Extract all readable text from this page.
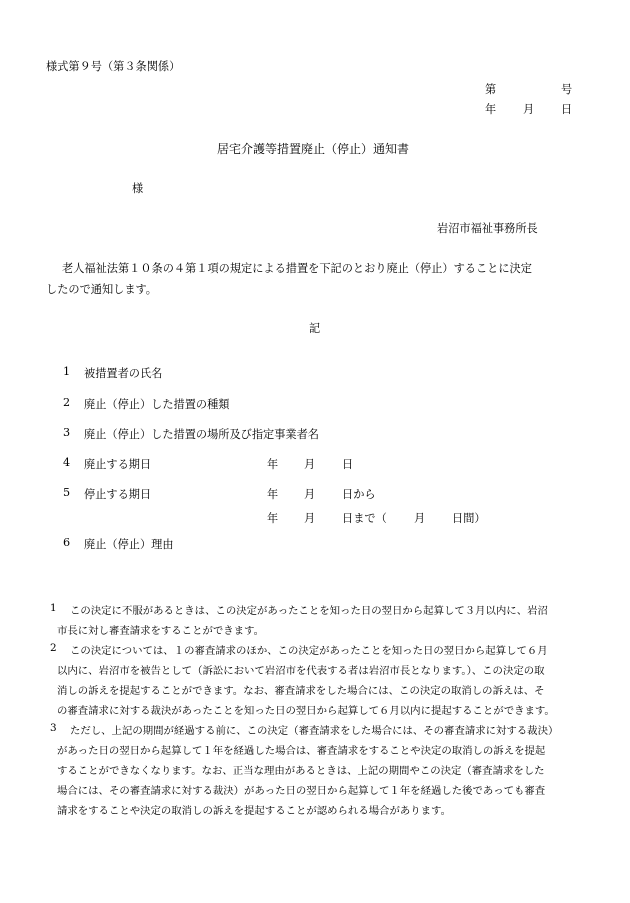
様式第９号（第３条関係）
第	号
年 月 日
居宅介護等措置廃止（停止）通知書
様
岩沼市福祉事務所長
老人福祉法第１０条の４第１項の規定による措置を下記のとおり廃止（停止）することに決定
したので通知します。
記
1 被措置者の氏名
2 廃止（停止）した措置の種類
3 廃止（停止）した措置の場所及び指定事業者名
4 廃止する期日
5 停止する期日
6 廃止（停止）理由
年 月 日
年 月 日から
年 月 日まで（ 月 日間）
1 この決定に不服があるときは、この決定があったことを知った日の翌日から起算して３月以内に、岩沼
市長に対し審査請求をすることができます。
2 この決定については、１の審査請求のほか、この決定があったことを知った日の翌日から起算して６月
以内に、岩沼市を被告として（訴訟において岩沼市を代表する者は岩沼市長となります。）、この決定の取
消しの訴えを提起することができます。なお、審査請求をした場合には、この決定の取消しの訴えは、そ
の審査請求に対する裁決があったことを知った日の翌日から起算して６月以内に提起することができます。
3 ただし、上記の期間が経過する前に、この決定（審査請求をした場合には、その審査請求に対する裁決）
があった日の翌日から起算して１年を経過した場合は、審査請求をすることや決定の取消しの訴えを提起
することができなくなります。なお、正当な理由があるときは、上記の期間やこの決定（審査請求をした
場合には、その審査請求に対する裁決）があった日の翌日から起算して１年を経過した後であっても審査
請求をすることや決定の取消しの訴えを提起することが認められる場合があります。
